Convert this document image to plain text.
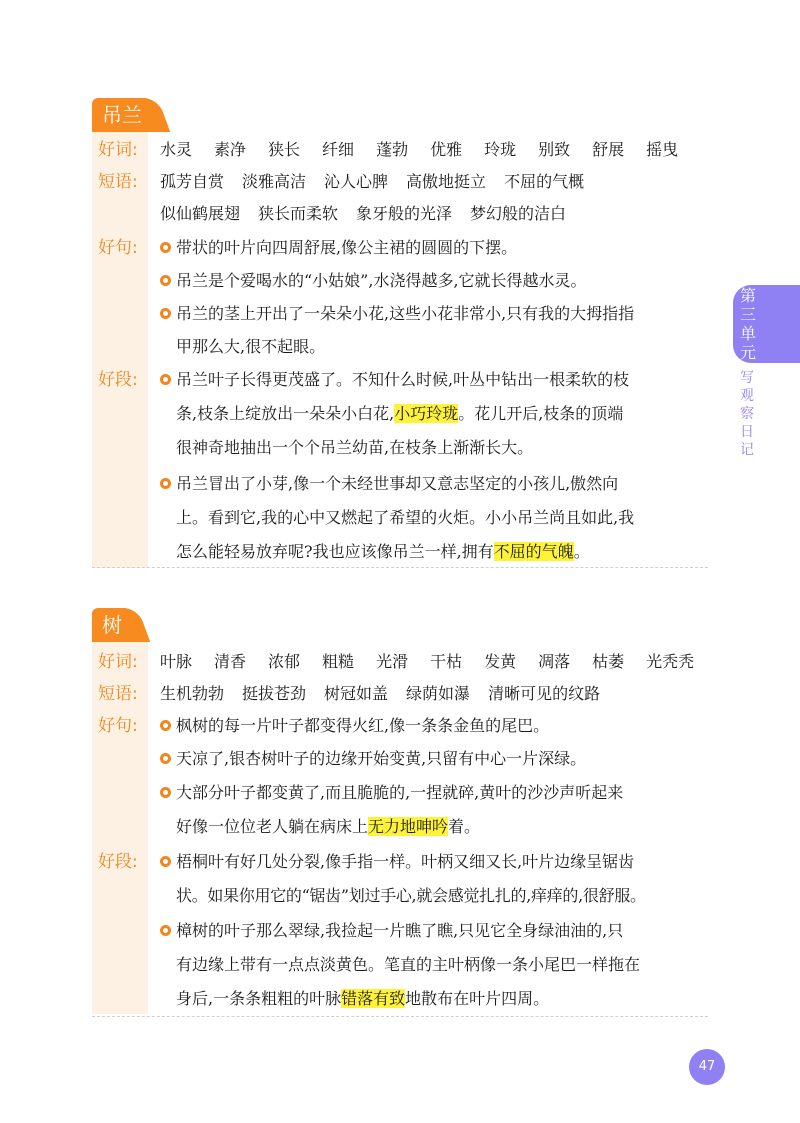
吊兰
好词:	水灵 素净 狭长 纤细 蓬勃 优雅 玲珑 别致 舒展 摇曳
短语:	孤芳自赏 淡雅高洁 沁人心脾 高傲地挺立 不屈的气概
似仙鹤展翅 狭长而柔软 象牙般的光泽 梦幻般的洁白
好句:	带状的叶片向四周舒展,像公主裙的圆圆的下摆。
吊兰是个爱喝水的“小姑娘”,水浇得越多,它就长得越水灵。
吊兰的茎上开出了一朵朵小花,这些小花非常小,只有我的大拇指指
甲那么大,很不起眼。
好段:	吊兰叶子长得更茂盛了。不知什么时候,叶丛中钻出一根柔软的枝
条,枝条上绽放出一朵朵小白花,小巧玲珑。花儿开后,枝条的顶端
很神奇地抽出一个个吊兰幼苗,在枝条上渐渐长大。
吊兰冒出了小芽,像一个未经世事却又意志坚定的小孩儿,傲然向
上。看到它,我的心中又燃起了希望的火炬。小小吊兰尚且如此,我
怎么能轻易放弃呢?我也应该像吊兰一样,拥有不屈的气魄。
树
好词:	叶脉 清香 浓郁 粗糙 光滑 干枯 发黄 凋落 枯萎 光秃秃
短语:	生机勃勃 挺拔苍劲 树冠如盖 绿荫如瀑 清晰可见的纹路
好句:	枫树的每一片叶子都变得火红,像一条条金鱼的尾巴。
天凉了,银杏树叶子的边缘开始变黄,只留有中心一片深绿。
大部分叶子都变黄了,而且脆脆的,一捏就碎,黄叶的沙沙声听起来
好像一位位老人躺在病床上无力地呻吟着。
好段:	梧桐叶有好几处分裂,像手指一样。叶柄又细又长,叶片边缘呈锯齿
状。如果你用它的“锯齿”划过手心,就会感觉扎扎的,痒痒的,很舒服。
樟树的叶子那么翠绿,我捡起一片瞧了瞧,只见它全身绿油油的,只
有边缘上带有一点点淡黄色。笔直的主叶柄像一条小尾巴一样拖在
身后,一条条粗粗的叶脉错落有致地散布在叶片四周。
第三单元
写观察日记
47
